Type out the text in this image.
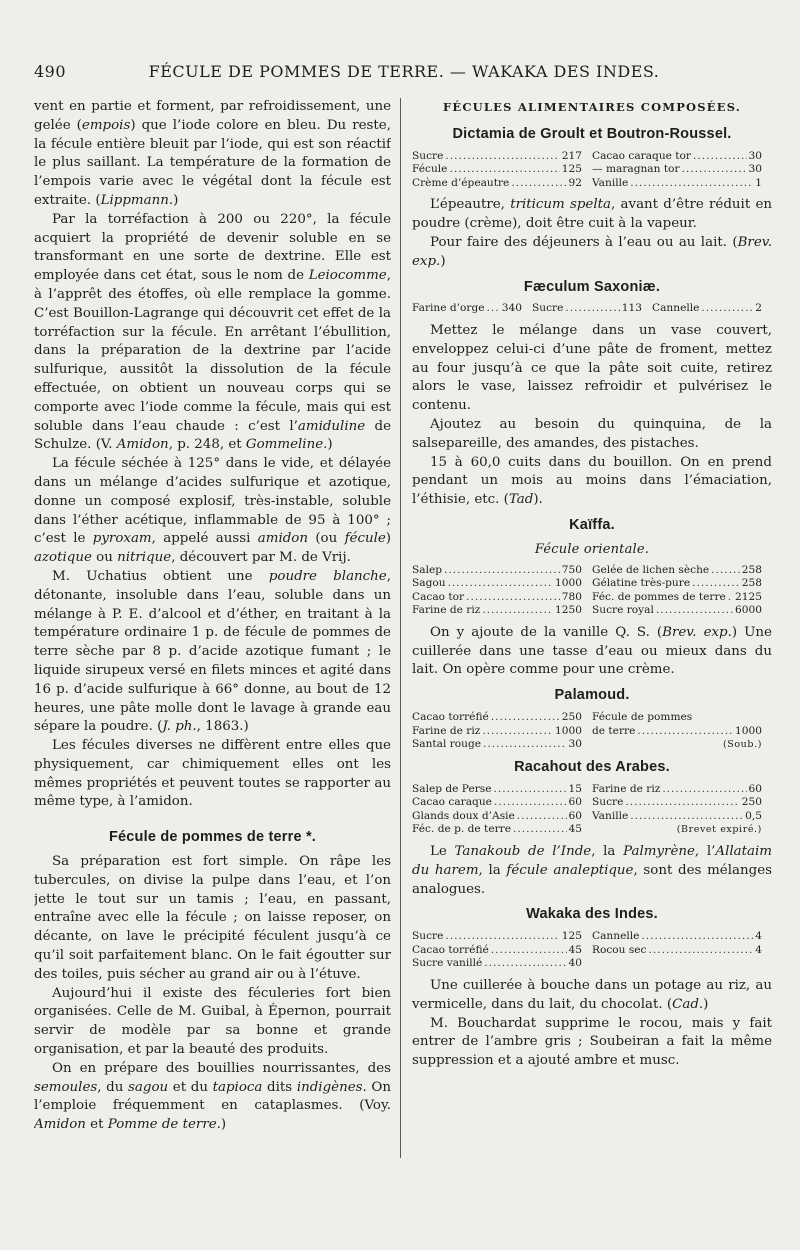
490	FÉCULE DE POMMES DE TERRE. — WAKAKA DES INDES.

vent en partie et forment, par refroidissement, une gelée (empois) que l’iode colore en bleu. Du reste, la fécule entière bleuit par l’iode, qui est son réactif le plus saillant. La température de la formation de l’empois varie avec le végétal dont la fécule est extraite. (Lippmann.)

Par la torréfaction à 200 ou 220°, la fécule acquiert la propriété de devenir soluble en se transformant en une sorte de dextrine. Elle est employée dans cet état, sous le nom de Leiocomme, à l’apprêt des étoffes, où elle remplace la gomme. C’est Bouillon-Lagrange qui découvrit cet effet de la torréfaction sur la fécule. En arrêtant l’ébullition, dans la préparation de la dextrine par l’acide sulfurique, aussitôt la dissolution de la fécule effectuée, on obtient un nouveau corps qui se comporte avec l’iode comme la fécule, mais qui est soluble dans l’eau chaude : c’est l’amiduline de Schulze. (V. Amidon, p. 248, et Gommeline.)

La fécule séchée à 125° dans le vide, et délayée dans un mélange d’acides sulfurique et azotique, donne un composé explosif, très-instable, soluble dans l’éther acétique, inflammable de 95 à 100° ; c’est le pyroxam, appelé aussi amidon (ou fécule) azotique ou nitrique, découvert par M. de Vrij.

M. Uchatius obtient une poudre blanche, détonante, insoluble dans l’eau, soluble dans un mélange à P. E. d’alcool et d’éther, en traitant à la température ordinaire 1 p. de fécule de pommes de terre sèche par 8 p. d’acide azotique fumant ; le liquide sirupeux versé en filets minces et agité dans 16 p. d’acide sulfurique à 66° donne, au bout de 12 heures, une pâte molle dont le lavage à grande eau sépare la poudre. (J. ph., 1863.)

Les fécules diverses ne diffèrent entre elles que physiquement, car chimiquement elles ont les mêmes propriétés et peuvent toutes se rapporter au même type, à l’amidon.

Fécule de pommes de terre *.

Sa préparation est fort simple. On râpe les tubercules, on divise la pulpe dans l’eau, et l’on jette le tout sur un tamis ; l’eau, en passant, entraîne avec elle la fécule ; on laisse reposer, on décante, on lave le précipité féculent jusqu’à ce qu’il soit parfaitement blanc. On le fait égoutter sur des toiles, puis sécher au grand air ou à l’étuve.

Aujourd’hui il existe des féculeries fort bien organisées. Celle de M. Guibal, à Épernon, pourrait servir de modèle par sa bonne et grande organisation, et par la beauté des produits.

On en prépare des bouillies nourrissantes, des semoules, du sagou et du tapioca dits indigènes. On l’emploie fréquemment en cataplasmes. (Voy. Amidon et Pomme de terre.)

FÉCULES ALIMENTAIRES COMPOSÉES.
Dictamia de Groult et Boutron-Roussel.
Sucre .....	217 Cacao caraque tor .....	30
Fécule .....	125 — maragnan tor .....	30
Crème d’épeautre .....	92 Vanille .....	1

L’épeautre, triticum spelta, avant d’être réduit en poudre (crème), doit être cuit à la vapeur.

Pour faire des déjeuners à l’eau ou au lait. (Brev. exp.)

Fæculum Saxoniæ.
Farine d’orge ..... 340 Sucre .....	113 Cannelle .....	2

Mettez le mélange dans un vase couvert, enveloppez celui-ci d’une pâte de froment, mettez au four jusqu’à ce que la pâte soit cuite, retirez alors le vase, laissez refroidir et pulvérisez le contenu.

Ajoutez au besoin du quinquina, de la salsepareille, des amandes, des pistaches.

15 à 60,0 cuits dans du bouillon. On en prend pendant un mois au moins dans l’émaciation, l’éthisie, etc. (Tad).

Kaïffa.
Fécule orientale.
Salep .....	750 Gelée de lichen sèche .....	258
Sagou .....	1000 Gélatine très-pure .....	258
Cacao tor .....	780 Féc. de pommes de terre ..... 2125
Farine de riz .....	1250 Sucre royal .....	6000

On y ajoute de la vanille Q. S. (Brev. exp.) Une cuillerée dans une tasse d’eau ou mieux dans du lait. On opère comme pour une crème.

Palamoud.
Cacao torréfié .....	250 Fécule de pommes
Farine de riz .....	1000 de terre .....	1000
Santal rouge .....	30	(Soub.)
Racahout des Arabes.
Salep de Perse .....	15 Farine de riz .....	60
Cacao caraque .....	60 Sucre .....	250
Glands doux d’Asie .....	60 Vanille .....	0,5
Féc. de p. de terre .....	45	(Brevet expiré.)

Le Tanakoub de l’Inde, la Palmyrène, l’Allataim du harem, la fécule analeptique, sont des mélanges analogues.

Wakaka des Indes.
Sucre .....	125 Cannelle .....	4
Cacao torréfié .....	45 Rocou sec .....	4
Sucre vanillé .....	40

Une cuillerée à bouche dans un potage au riz, au vermicelle, dans du lait, du chocolat. (Cad.)

M. Bouchardat supprime le rocou, mais y fait entrer de l’ambre gris ; Soubeiran a fait la même suppression et a ajouté ambre et musc.
